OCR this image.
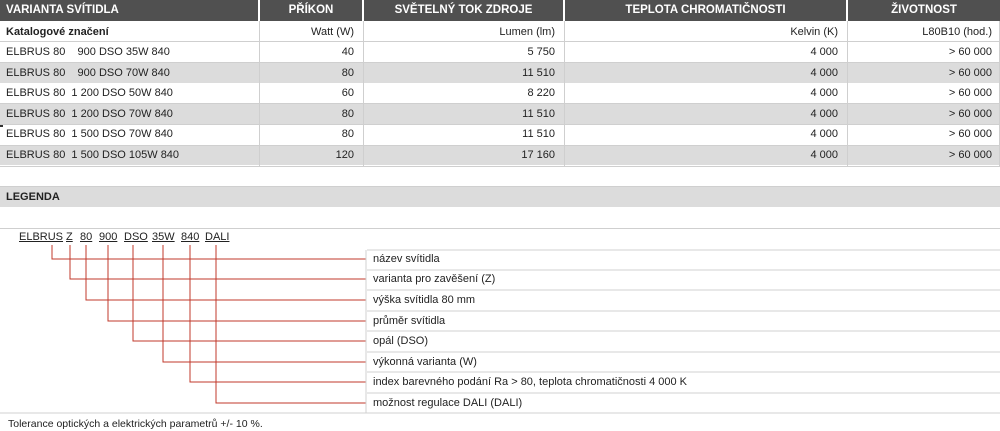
VARIANTA SVÍTIDLA	PŘÍKON	SVĚTELNÝ TOK ZDROJE	TEPLOTA CHROMATIČNOSTI	ŽIVOTNOST
Katalogové značení	Watt (W)	Lumen (lm)	Kelvin (K)	L80B10 (hod.)
ELBRUS 80    900 DSO 35W 840	40	5 750	4 000	> 60 000
ELBRUS 80    900 DSO 70W 840	80	11 510	4 000	> 60 000
ELBRUS 80  1 200 DSO 50W 840	60	8 220	4 000	> 60 000
ELBRUS 80  1 200 DSO 70W 840	80	11 510	4 000	> 60 000
ELBRUS 80  1 500 DSO 70W 840	80	11 510	4 000	> 60 000
ELBRUS 80  1 500 DSO 105W 840	120	17 160	4 000	> 60 000
LEGENDA
ELBRUS Z 80 900 DSO 35W 840 DALI
název svítidla
varianta pro zavěšení (Z)
výška svítidla 80 mm
průměr svítidla
opál (DSO)
výkonná varianta (W)
index barevného podání Ra > 80, teplota chromatičnosti 4 000 K
možnost regulace DALI (DALI)
Tolerance optických a elektrických parametrů +/- 10 %.
